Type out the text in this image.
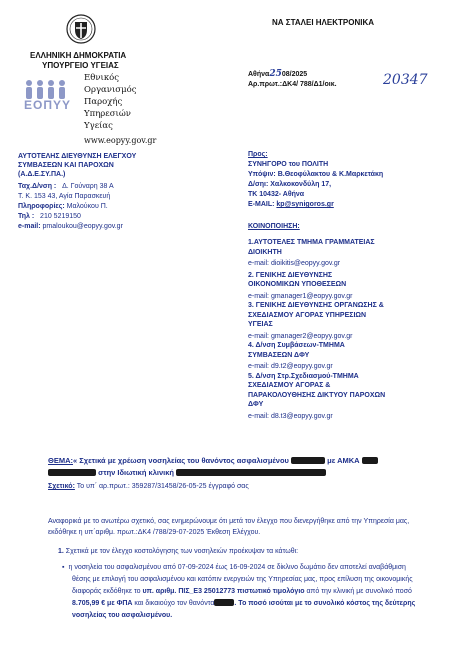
ΝΑ ΣΤΑΛΕΙ ΗΛΕΚΤΡΟΝΙΚΑ
ΕΛΛΗΝΙΚΗ ΔΗΜΟΚΡΑΤΙΑ
ΥΠΟΥΡΓΕΙΟ ΥΓΕΙΑΣ
ΕΟΠΥΥ
Εθνικός
Οργανισμός
Παροχής
Υπηρεσιών
Υγείας
www.eopyy.gov.gr
Αθήνα2508/2025
Αρ.πρωτ.:ΔΚ4/ 788/Δ1/οικ.	20347
ΑΥΤΟΤΕΛΗΣ ΔΙΕΥΘΥΝΣΗ ΕΛΕΓΧΟΥ
ΣΥΜΒΑΣΕΩΝ ΚΑΙ ΠΑΡΟΧΩΝ
(Α.Δ.Ε.ΣΥ.ΠΑ.)
Ταχ.Δ/νση : Δ. Γούναρη 38 Α
Τ. Κ. 153 43, Αγία Παρασκευή
Πληροφορίες: Μαλούκου Π.
Τηλ : 210 5219150
e-mail: pmaloukou@eopyy.gov.gr
Προς:
ΣΥΝΗΓΟΡΟ του ΠΟΛΙΤΗ
Υπόψιν: Β.Θεοφύλακτου & Κ.Μαρκετάκη
Δ/σηι: Χαλκοκονδύλη 17,
ΤΚ 10432- Αθήνα
E-MAIL: kp@synigoros.gr
ΚΟΙΝΟΠΟΙΗΣΗ:
1.ΑΥΤΟΤΕΛΕΣ ΤΜΗΜΑ ΓΡΑΜΜΑΤΕΙΑΣ
ΔΙΟΙΚΗΤΗ
e-mail: dioikitis@eopyy.gov.gr
2. ΓΕΝΙΚΗΣ ΔΙΕΥΘΥΝΣΗΣ
ΟΙΚΟΝΟΜΙΚΩΝ ΥΠΟΘΕΣΕΩΝ
e-mail: gmanager1@eopyy.gov.gr
3. ΓΕΝΙΚΗΣ ΔΙΕΥΘΥΝΣΗΣ ΟΡΓΑΝΩΣΗΣ &
ΣΧΕΔΙΑΣΜΟΥ ΑΓΟΡΑΣ ΥΠΗΡΕΣΙΩΝ
ΥΓΕΙΑΣ
e-mail: gmanager2@eopyy.gov.gr
4. Δ/νση Συμβάσεων-ΤΜΗΜΑ
ΣΥΜΒΑΣΕΩΝ ΔΦΥ
e-mail: d9.t2@eopyy.gov.gr
5. Δ/νση Στρ.Σχεδιασμού-ΤΜΗΜΑ
ΣΧΕΔΙΑΣΜΟΥ ΑΓΟΡΑΣ &
ΠΑΡΑΚΟΛΟΥΘΗΣΗΣ ΔΙΚΤΥΟΥ ΠΑΡΟΧΩΝ
ΔΦΥ
e-mail: d8.t3@eopyy.gov.gr
ΘΕΜΑ:« Σχετικά με χρέωση νοσηλείας του θανόντος ασφαλισμένου	με ΑΜΚΑ
στην Ιδιωτική κλινική
Σχετικό: Το υπ΄ αρ.πρωτ.: 359287/31458/26-05-25 έγγραφό σας

Αναφορικά με το ανωτέρω σχετικό, σας ενημερώνουμε ότι μετά τον έλεγχο που διενεργήθηκε από την Υπηρεσία μας, εκδόθηκε η υπ΄αριθμ. πρωτ.:ΔΚ4 /788/29-07-2025 Έκθεση Ελέγχου.

1. Σχετικά με τον έλεγχο κοστολόγησης των νοσηλειών προέκυψαν τα κάτωθι:

▪ η νοσηλεία του ασφαλισμένου από 07-09-2024 έως 16-09-2024 σε δίκλινο δωμάτιο δεν αποτελεί αναβάθμιση θέσης με επιλογή του ασφαλισμένου και κατόπιν ενεργειών της Υπηρεσίας μας, προς επίλυση της οικονομικής διαφοράς εκδόθηκε το υπ. αριθμ. ΠΙΣ_Ε3 25012773 πιστωτικό τιμολόγιο από την κλινική με συνολικό ποσό 8.705,99 € με ΦΠΑ και δικαιούχο τον θανόντα	. Το ποσό ισούται με το συνολικό κόστος της δεύτερης νοσηλείας του ασφαλισμένου.
